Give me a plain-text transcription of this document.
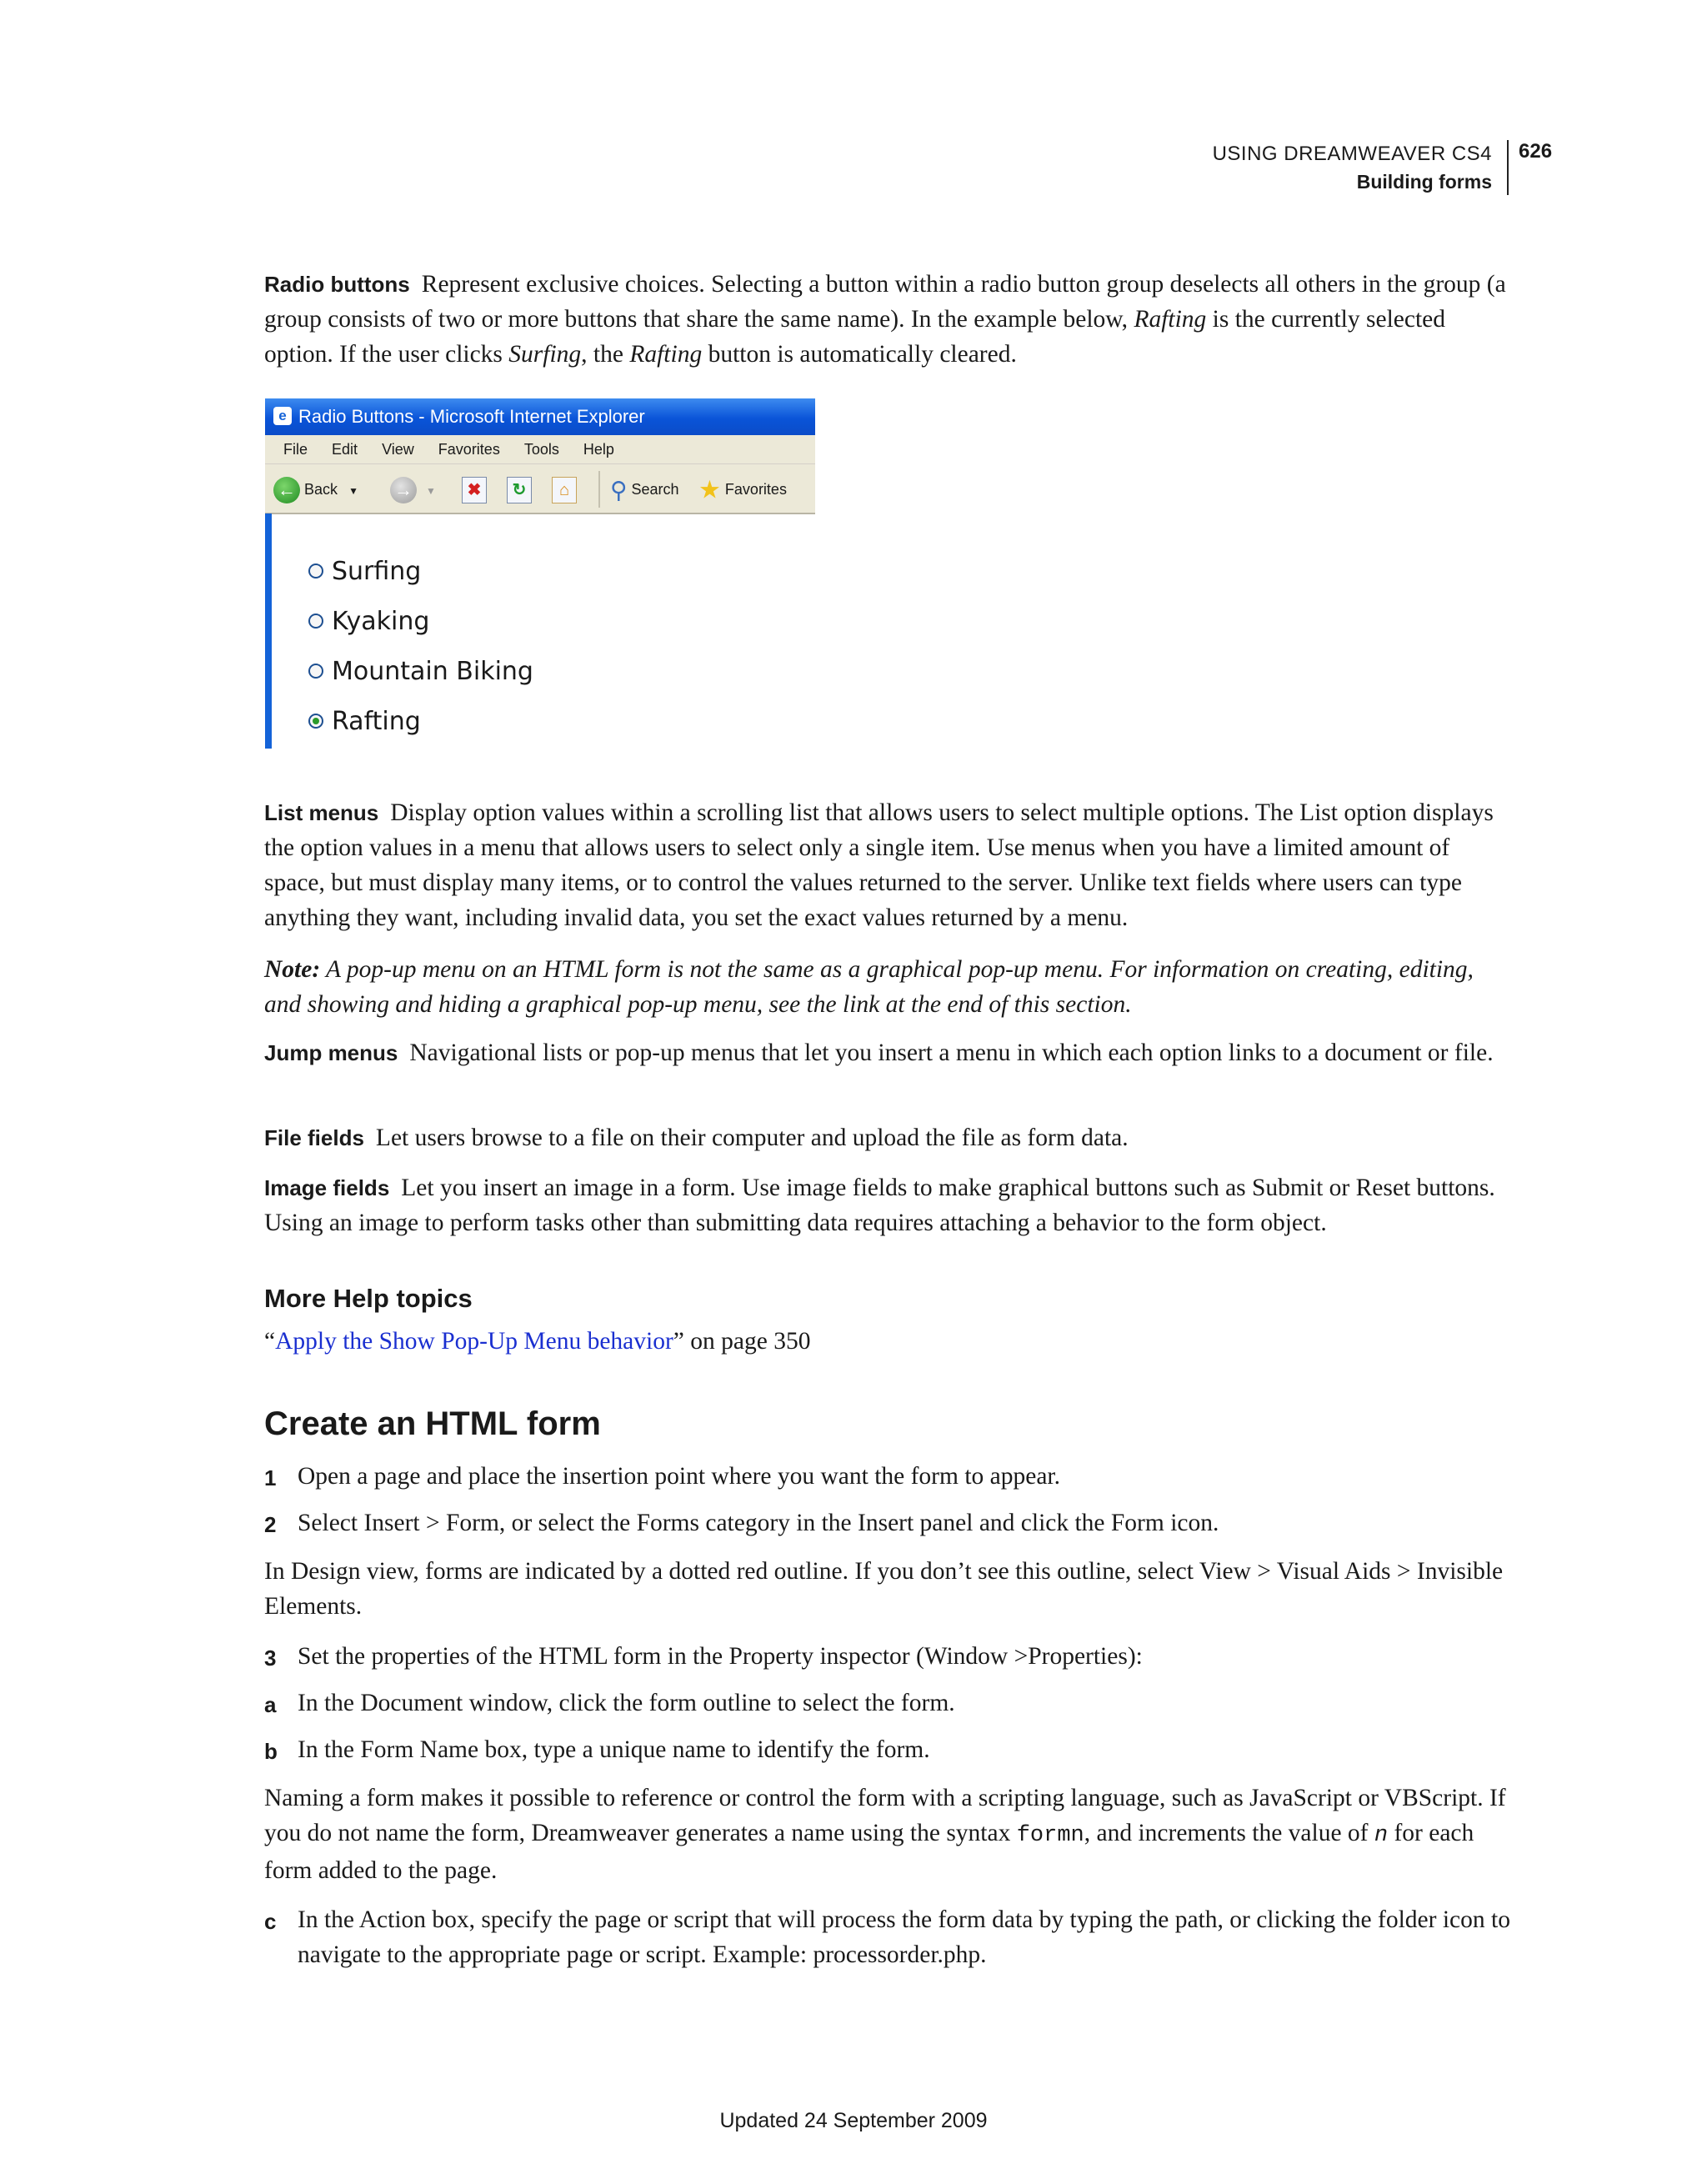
USING DREAMWEAVER CS4
Building forms
626

Radio buttons Represent exclusive choices. Selecting a button within a radio button group deselects all others in the group (a group consists of two or more buttons that share the same name). In the example below, Rafting is the currently selected option. If the user clicks Surfing, the Rafting button is automatically cleared.

e Radio Buttons - Microsoft Internet Explorer
File Edit View Favorites Tools Help
← Back ▼ → ▼	✖	↻	⌂	⚲ Search ★ Favorites
Surfing
Kyaking
Mountain Biking
Rafting

List menus Display option values within a scrolling list that allows users to select multiple options. The List option displays the option values in a menu that allows users to select only a single item. Use menus when you have a limited amount of space, but must display many items, or to control the values returned to the server. Unlike text fields where users can type anything they want, including invalid data, you set the exact values returned by a menu.

Note: A pop-up menu on an HTML form is not the same as a graphical pop-up menu. For information on creating, editing, and showing and hiding a graphical pop-up menu, see the link at the end of this section.

Jump menus Navigational lists or pop-up menus that let you insert a menu in which each option links to a document or file.

File fields Let users browse to a file on their computer and upload the file as form data.

Image fields Let you insert an image in a form. Use image fields to make graphical buttons such as Submit or Reset buttons. Using an image to perform tasks other than submitting data requires attaching a behavior to the form object.

More Help topics

“Apply the Show Pop-Up Menu behavior” on page 350

Create an HTML form
1 Open a page and place the insertion point where you want the form to appear.
2 Select Insert > Form, or select the Forms category in the Insert panel and click the Form icon.

In Design view, forms are indicated by a dotted red outline. If you don’t see this outline, select View > Visual Aids > Invisible Elements.

3 Set the properties of the HTML form in the Property inspector (Window >Properties):
a In the Document window, click the form outline to select the form.
b In the Form Name box, type a unique name to identify the form.

Naming a form makes it possible to reference or control the form with a scripting language, such as JavaScript or VBScript. If you do not name the form, Dreamweaver generates a name using the syntax formn, and increments the value of n for each form added to the page.

c In the Action box, specify the page or script that will process the form data by typing the path, or clicking the folder icon to navigate to the appropriate page or script. Example: processorder.php.
Updated 24 September 2009
